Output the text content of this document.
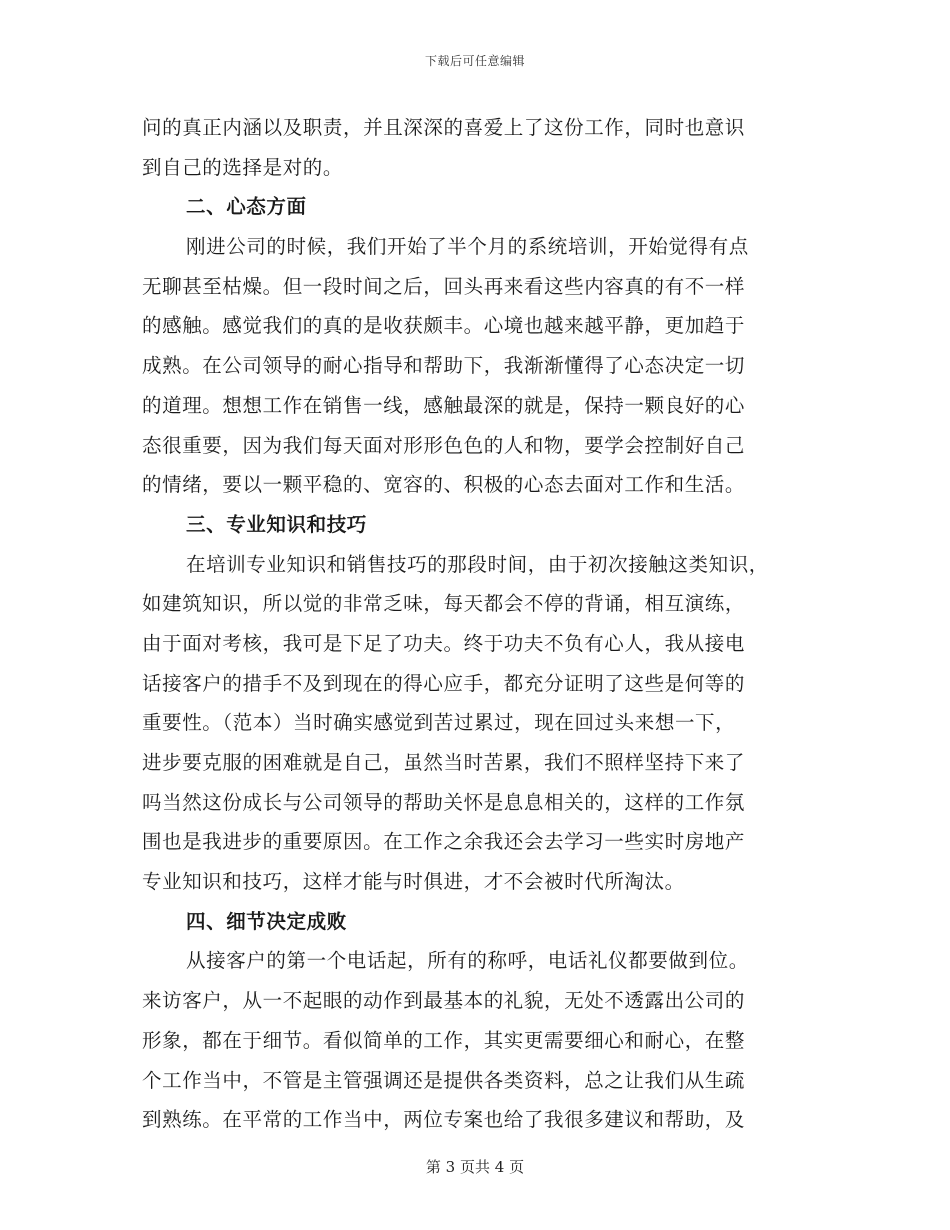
下载后可任意编辑
问的真正内涵以及职责，并且深深的喜爱上了这份工作，同时也意识
到自己的选择是对的。
二、心态方面
刚进公司的时候，我们开始了半个月的系统培训，开始觉得有点
无聊甚至枯燥。但一段时间之后，回头再来看这些内容真的有不一样
的感触。感觉我们的真的是收获颇丰。心境也越来越平静，更加趋于
成熟。在公司领导的耐心指导和帮助下，我渐渐懂得了心态决定一切
的道理。想想工作在销售一线，感触最深的就是，保持一颗良好的心
态很重要，因为我们每天面对形形色色的人和物，要学会控制好自己
的情绪，要以一颗平稳的、宽容的、积极的心态去面对工作和生活。
三、专业知识和技巧
在培训专业知识和销售技巧的那段时间，由于初次接触这类知识，
如建筑知识，所以觉的非常乏味，每天都会不停的背诵，相互演练，
由于面对考核，我可是下足了功夫。终于功夫不负有心人，我从接电
话接客户的措手不及到现在的得心应手，都充分证明了这些是何等的
重要性。（范本）当时确实感觉到苦过累过，现在回过头来想一下，
进步要克服的困难就是自己，虽然当时苦累，我们不照样坚持下来了
吗当然这份成长与公司领导的帮助关怀是息息相关的，这样的工作氛
围也是我进步的重要原因。在工作之余我还会去学习一些实时房地产
专业知识和技巧，这样才能与时俱进，才不会被时代所淘汰。
四、细节决定成败
从接客户的第一个电话起，所有的称呼，电话礼仪都要做到位。
来访客户，从一不起眼的动作到最基本的礼貌，无处不透露出公司的
形象，都在于细节。看似简单的工作，其实更需要细心和耐心，在整
个工作当中，不管是主管强调还是提供各类资料，总之让我们从生疏
到熟练。在平常的工作当中，两位专案也给了我很多建议和帮助，及
第 3 页共 4 页
